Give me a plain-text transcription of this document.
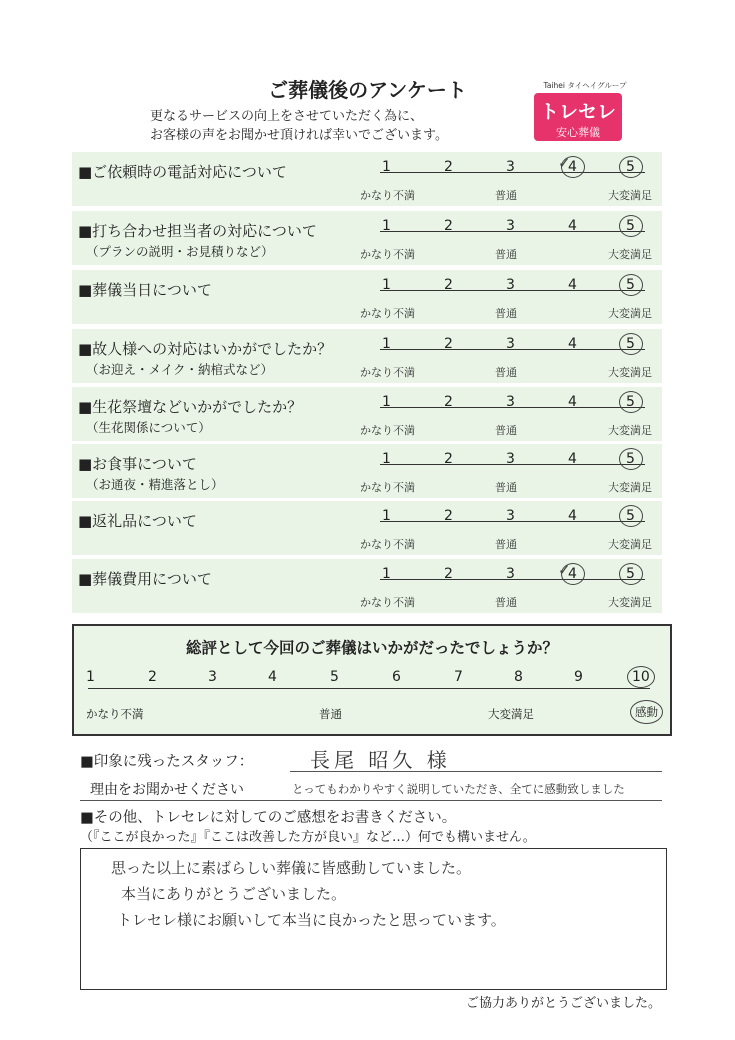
ご葬儀後のアンケート
更なるサービスの向上をさせていただく為に、
お客様の声をお聞かせ頂ければ幸いでございます。
Taihei タイヘイグループ
トレセレ
安心葬儀
■ご依頼時の電話対応について	1	2	3	4
✓	5
かなり不満	普通	大変満足
■打ち合わせ担当者の対応について
（プランの説明・お見積りなど）
1	2	3	4	5
かなり不満	普通	大変満足
■葬儀当日について	1	2	3	4	5
かなり不満	普通	大変満足
■故人様への対応はいかがでしたか？
（お迎え・メイク・納棺式など）
1	2	3	4	5
かなり不満	普通	大変満足
■生花祭壇などいかがでしたか？
（生花関係について）
1	2	3	4	5
かなり不満	普通	大変満足
■お食事について
（お通夜・精進落とし）
1	2	3	4	5
かなり不満	普通	大変満足
■返礼品について	1	2	3	4	5
かなり不満	普通	大変満足
■葬儀費用について	1	2	3	4
✓	5
かなり不満	普通	大変満足
総評として今回のご葬儀はいかがだったでしょうか？
1	2	3	4	5	6	7	8	9	10
かなり不満	普通	大変満足	感動
■印象に残ったスタッフ：	長尾 昭久 様
理由をお聞かせください	とってもわかりやすく説明していただき、全てに感動致しました
■その他、トレセレに対してのご感想をお書きください。
（『ここが良かった』『ここは改善した方が良い』など…）何でも構いません。
思った以上に素ばらしい葬儀に皆感動していました。
本当にありがとうございました。
トレセレ様にお願いして本当に良かったと思っています。
ご協力ありがとうございました。
